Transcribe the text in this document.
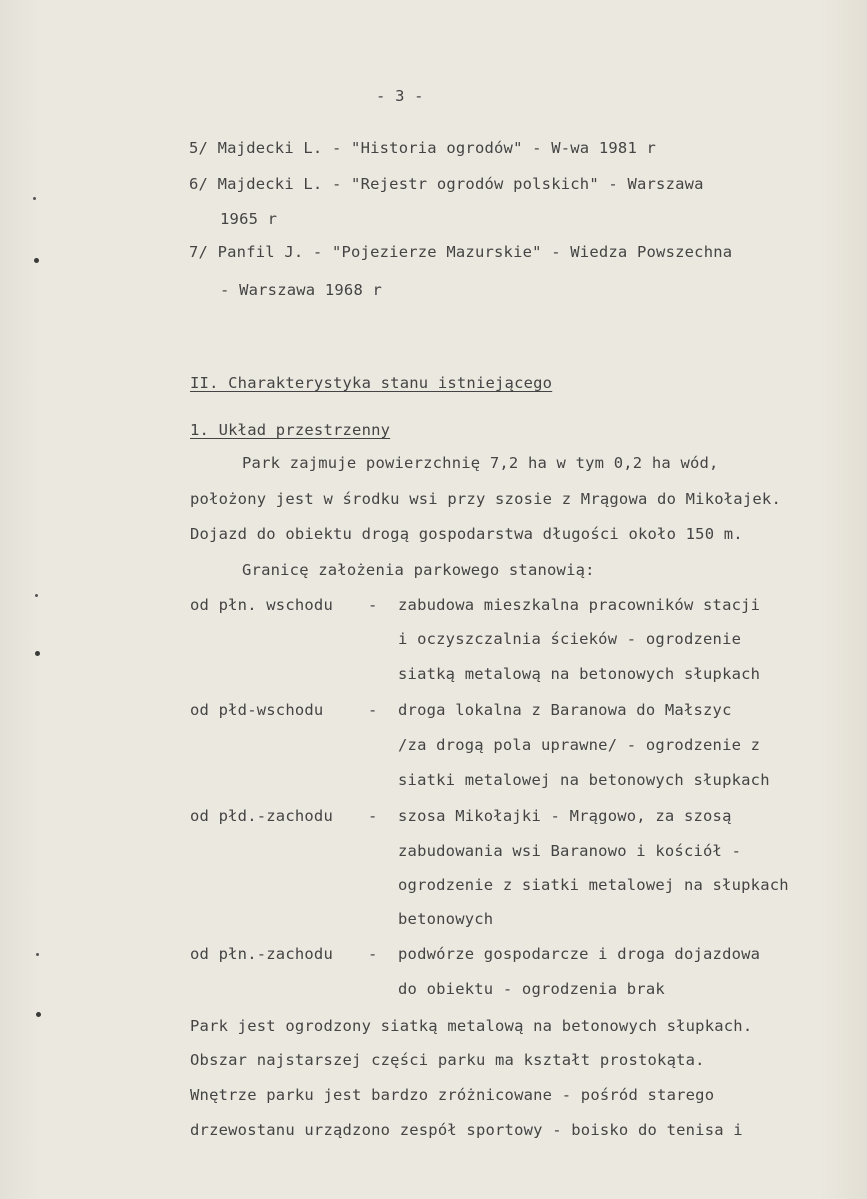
- 3 -
5/ Majdecki L. - "Historia ogrodów" - W-wa 1981 r
6/ Majdecki L. - "Rejestr ogrodów polskich" - Warszawa
1965 r
7/ Panfil J. - "Pojezierze Mazurskie" - Wiedza Powszechna
- Warszawa 1968 r
II. Charakterystyka stanu istniejącego
1. Układ przestrzenny
Park zajmuje powierzchnię 7,2 ha w tym 0,2 ha wód,
położony jest w środku wsi przy szosie z Mrągowa do Mikołajek.
Dojazd do obiektu drogą gospodarstwa długości około 150 m.
Granicę założenia parkowego stanowią:
od płn. wschodu - zabudowa mieszkalna pracowników stacji
i oczyszczalnia ścieków - ogrodzenie
siatką metalową na betonowych słupkach
od płd-wschodu	- droga lokalna z Baranowa do Małszyc
/za drogą pola uprawne/ - ogrodzenie z
siatki metalowej na betonowych słupkach
od płd.-zachodu - szosa Mikołajki - Mrągowo, za szosą
zabudowania wsi Baranowo i kościół -
ogrodzenie z siatki metalowej na słupkach
betonowych
od płn.-zachodu - podwórze gospodarcze i droga dojazdowa
do obiektu - ogrodzenia brak
Park jest ogrodzony siatką metalową na betonowych słupkach.
Obszar najstarszej części parku ma kształt prostokąta.
Wnętrze parku jest bardzo zróżnicowane - pośród starego
drzewostanu urządzono zespół sportowy - boisko do tenisa i
